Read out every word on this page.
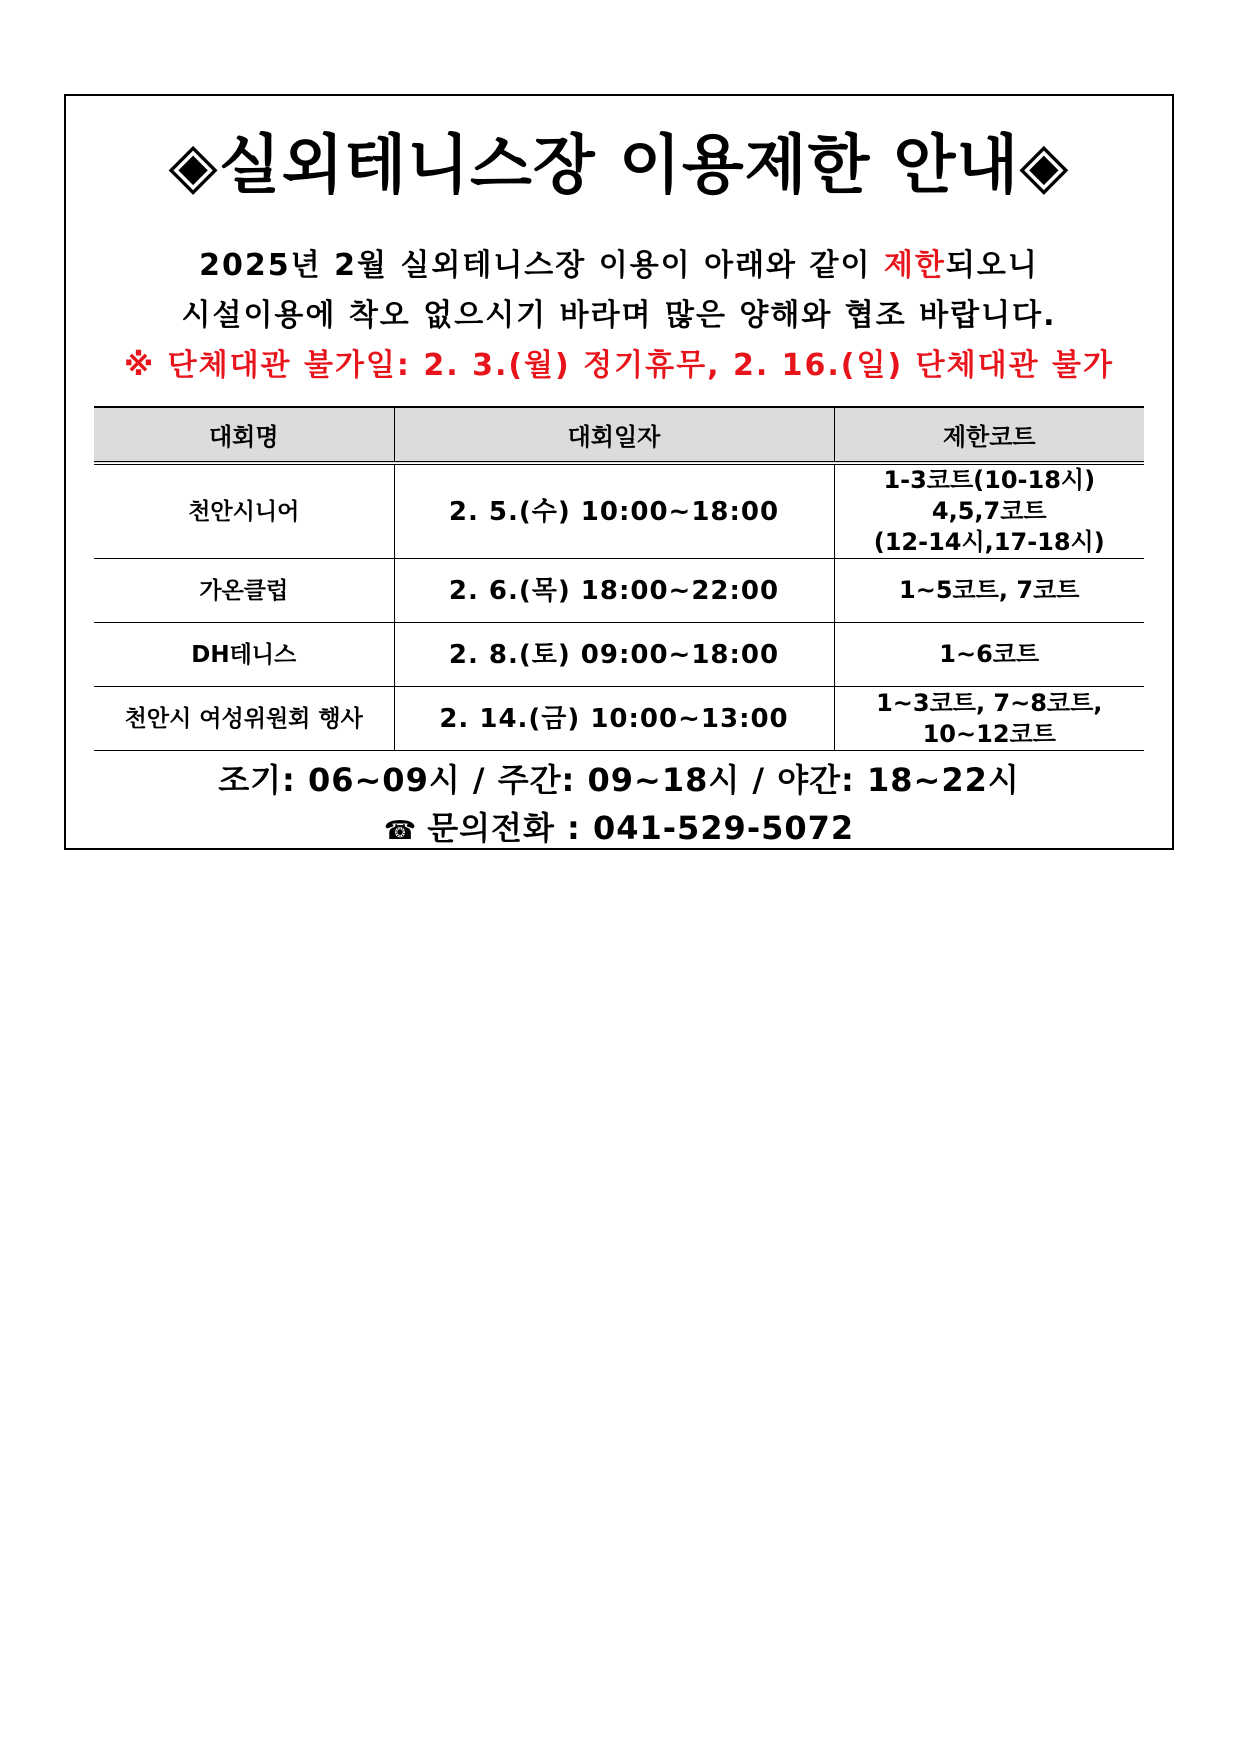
◈실외테니스장 이용제한 안내◈
2025년 2월 실외테니스장 이용이 아래와 같이 제한되오니
시설이용에 착오 없으시기 바라며 많은 양해와 협조 바랍니다.
※ 단체대관 불가일: 2. 3.(월) 정기휴무, 2. 16.(일) 단체대관 불가
대회명	대회일자	제한코트
천안시니어	2. 5.(수) 10:00~18:00	1-3코트(10-18시)
4,5,7코트
(12-14시,17-18시)

가온클럽	2. 6.(목) 18:00~22:00	1~5코트, 7코트

DH테니스	2. 8.(토) 09:00~18:00	1~6코트

천안시 여성위원회 행사	2. 14.(금) 10:00~13:00	1~3코트, 7~8코트,
10~12코트
조기: 06~09시 / 주간: 09~18시 / 야간: 18~22시
☎ 문의전화 : 041-529-5072
